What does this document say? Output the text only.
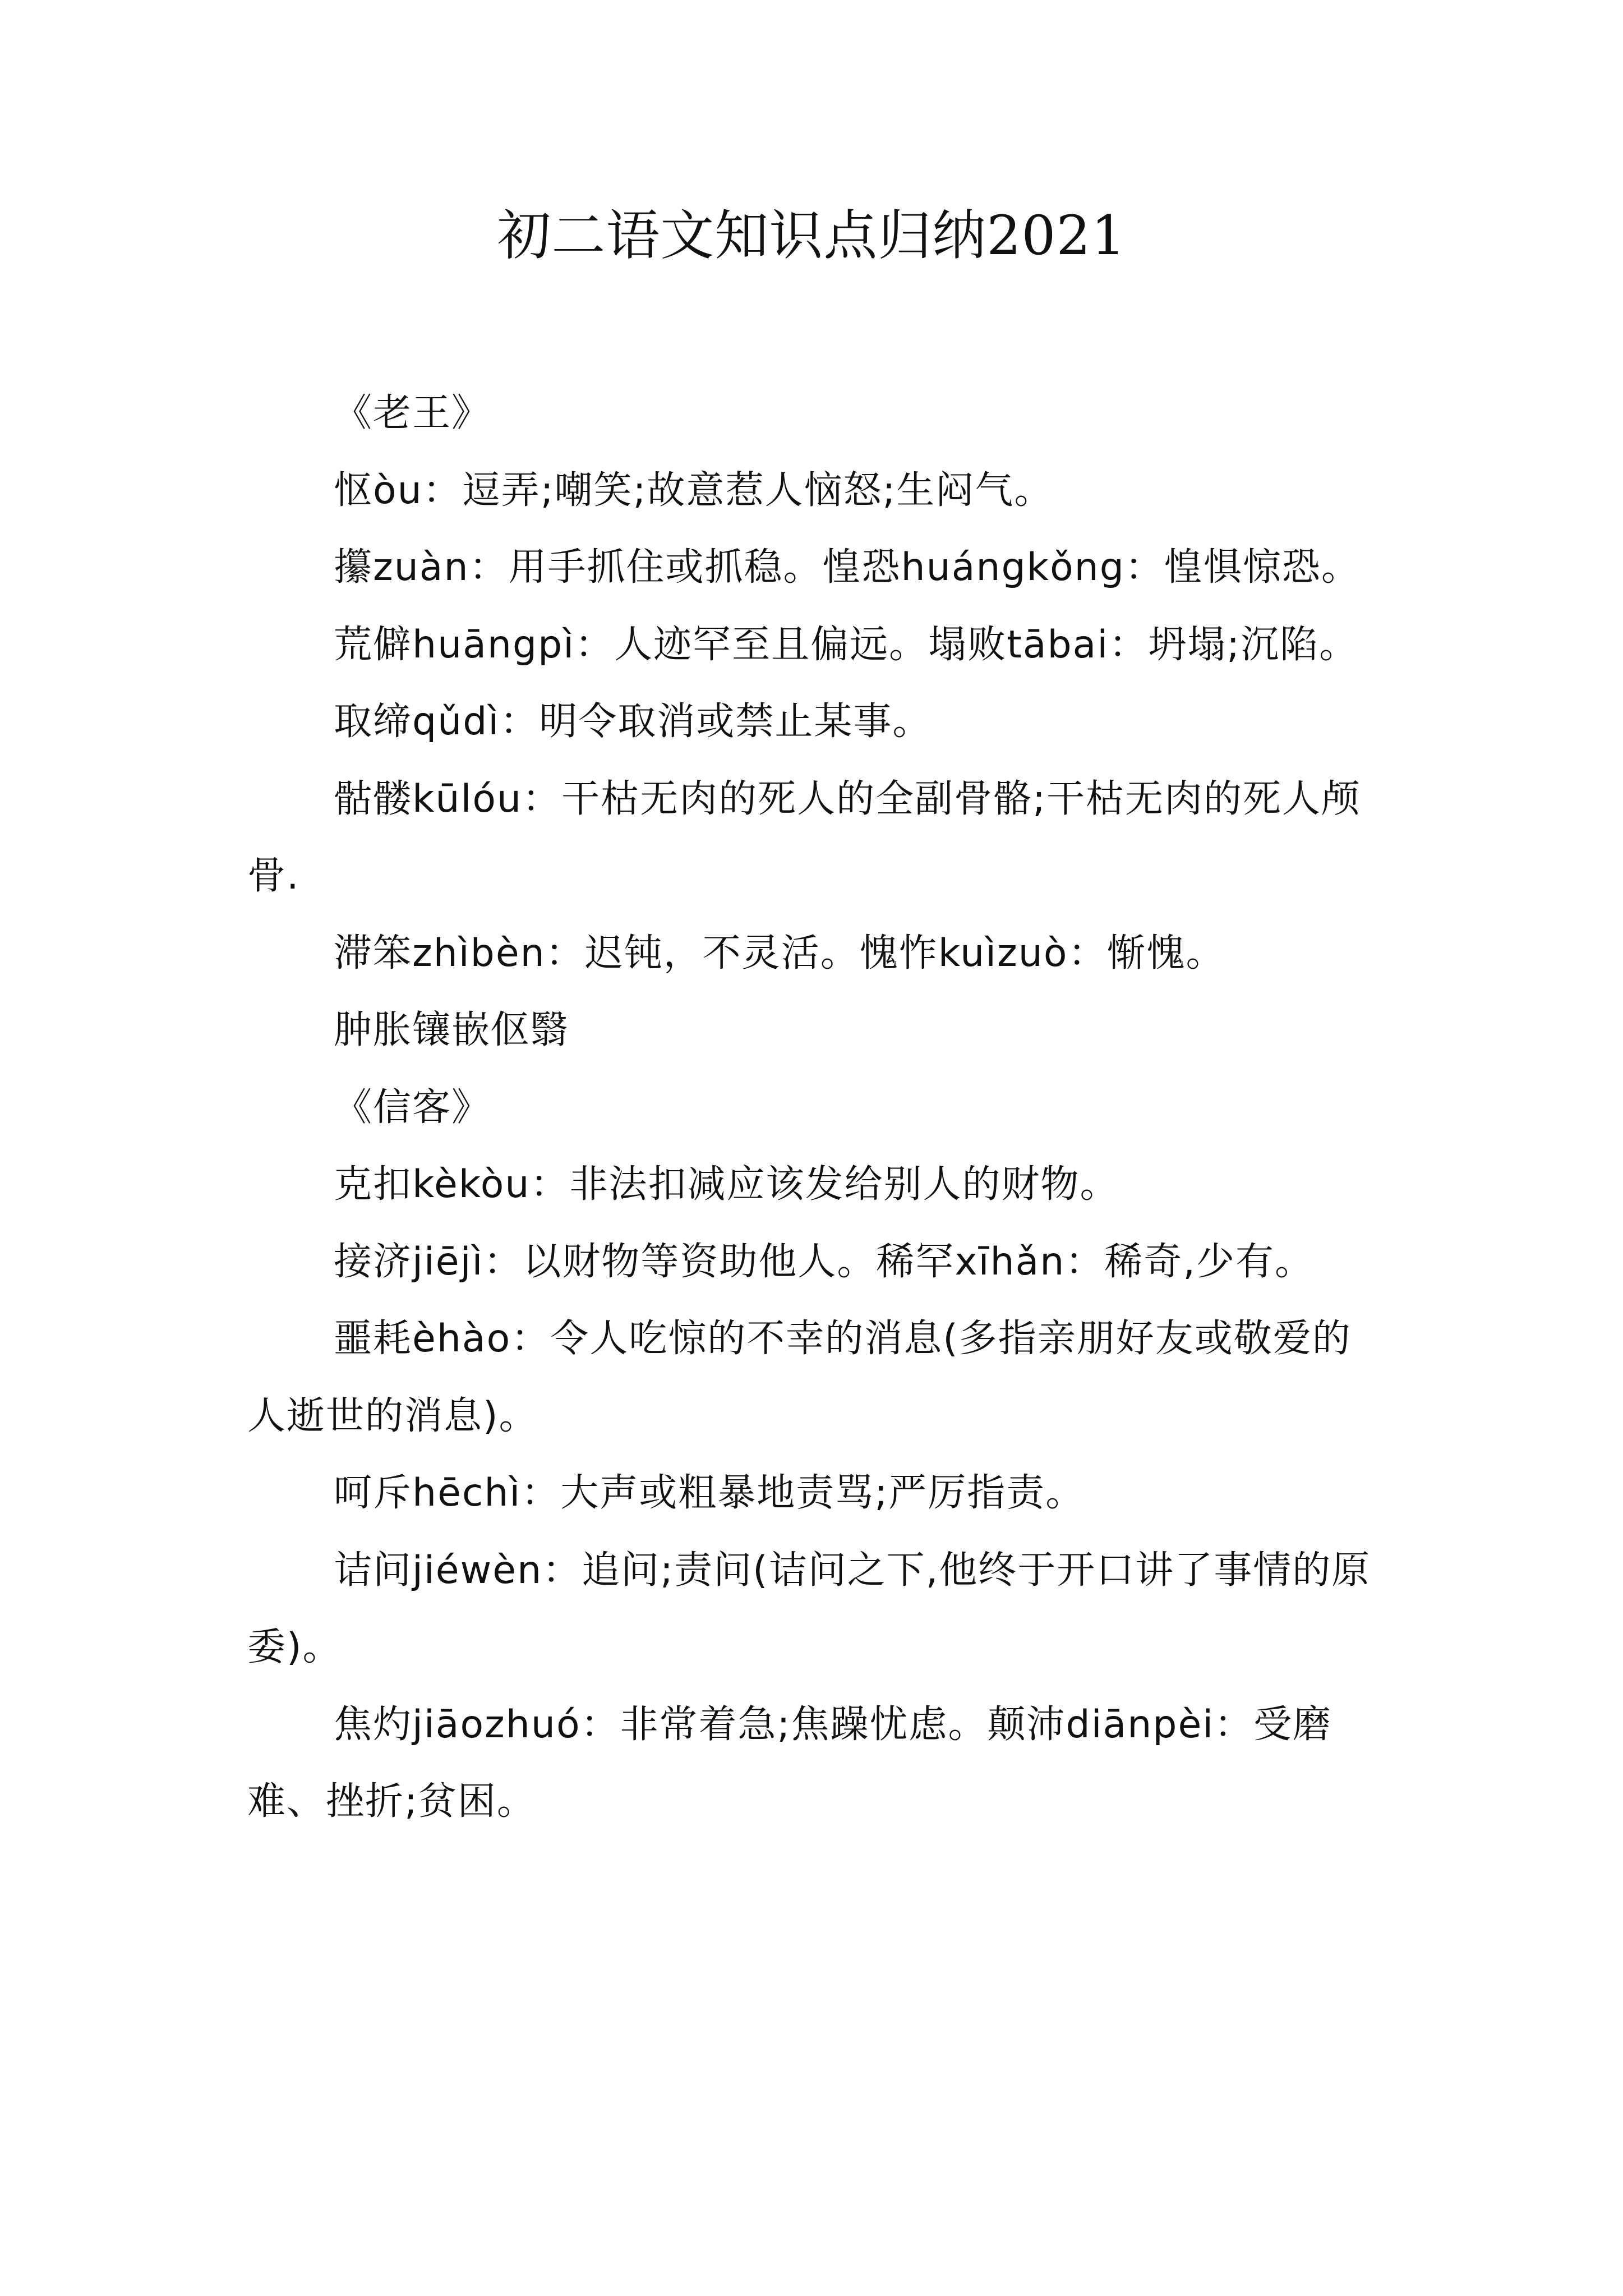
初二语文知识点归纳2021

《老王》

怄òu：逗弄;嘲笑;故意惹人恼怒;生闷气。

攥zuàn：用手抓住或抓稳。惶恐huángkǒng：惶惧惊恐。

荒僻huāngpì：人迹罕至且偏远。塌败tābai：坍塌;沉陷。

取缔qǔdì：明令取消或禁止某事。

骷髅kūlóu：干枯无肉的死人的全副骨骼;干枯无肉的死人颅骨.

滞笨zhìbèn：迟钝，不灵活。愧怍kuìzuò：惭愧。

肿胀镶嵌伛翳

《信客》

克扣kèkòu：非法扣减应该发给别人的财物。

接济jiējì：以财物等资助他人。稀罕xīhǎn：稀奇,少有。

噩耗èhào：令人吃惊的不幸的消息(多指亲朋好友或敬爱的人逝世的消息)。

呵斥hēchì：大声或粗暴地责骂;严厉指责。

诘问jiéwèn：追问;责问(诘问之下,他终于开口讲了事情的原委)。

焦灼jiāozhuó：非常着急;焦躁忧虑。颠沛diānpèi：受磨难、挫折;贫困。
